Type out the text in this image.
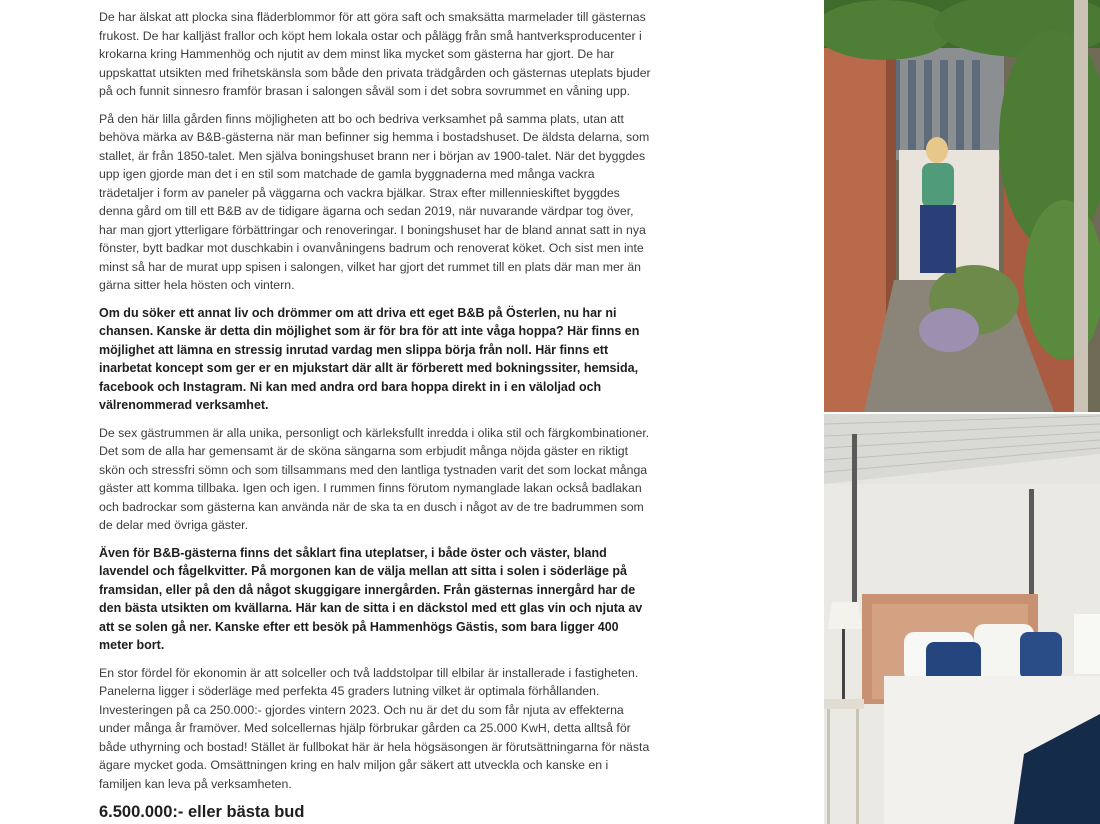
De har älskat att plocka sina fläderblommor för att göra saft och smaksätta marmelader till gästernas frukost. De har kalljäst frallor och köpt hem lokala ostar och pålägg från små hantverksproducenter i krokarna kring Hammenhög och njutit av dem minst lika mycket som gästerna har gjort. De har uppskattat utsikten med frihetskänsla som både den privata trädgården och gästernas uteplats bjuder på och funnit sinnesro framför brasan i salongen såväl som i det sobra sovrummet en våning upp.

På den här lilla gården finns möjligheten att bo och bedriva verksamhet på samma plats, utan att behöva märka av B&B-gästerna när man befinner sig hemma i bostadshuset. De äldsta delarna, som stallet, är från 1850-talet. Men själva boningshuset brann ner i början av 1900-talet. När det byggdes upp igen gjorde man det i en stil som matchade de gamla byggnaderna med många vackra trädetaljer i form av paneler på väggarna och vackra bjälkar. Strax efter millennieskiftet byggdes denna gård om till ett B&B av de tidigare ägarna och sedan 2019, när nuvarande värdpar tog över, har man gjort ytterligare förbättringar och renoveringar. I boningshuset har de bland annat satt in nya fönster, bytt badkar mot duschkabin i ovanvåningens badrum och renoverat köket. Och sist men inte minst så har de murat upp spisen i salongen, vilket har gjort det rummet till en plats där man mer än gärna sitter hela hösten och vintern.

Om du söker ett annat liv och drömmer om att driva ett eget B&B på Österlen, nu har ni chansen. Kanske är detta din möjlighet som är för bra för att inte våga hoppa? Här finns en möjlighet att lämna en stressig inrutad vardag men slippa börja från noll. Här finns ett inarbetat koncept som ger er en mjukstart där allt är förberett med bokningssiter, hemsida, facebook och Instagram. Ni kan med andra ord bara hoppa direkt in i en väloljad och välrenommerad verksamhet.

De sex gästrummen är alla unika, personligt och kärleksfullt inredda i olika stil och färgkombinationer. Det som de alla har gemensamt är de sköna sängarna som erbjudit många nöjda gäster en riktigt skön och stressfri sömn och som tillsammans med den lantliga tystnaden varit det som lockat många gäster att komma tillbaka. Igen och igen. I rummen finns förutom nymanglade lakan också badlakan och badrockar som gästerna kan använda när de ska ta en dusch i något av de tre badrummen som de delar med övriga gäster.

Även för B&B-gästerna finns det såklart fina uteplatser, i både öster och väster, bland lavendel och fågelkvitter. På morgonen kan de välja mellan att sitta i solen i söderläge på framsidan, eller på den då något skuggigare innergården. Från gästernas innergård har de den bästa utsikten om kvällarna. Här kan de sitta i en däckstol med ett glas vin och njuta av att se solen gå ner. Kanske efter ett besök på Hammenhögs Gästis, som bara ligger 400 meter bort.

En stor fördel för ekonomin är att solceller och två laddstolpar till elbilar är installerade i fastigheten. Panelerna ligger i söderläge med perfekta 45 graders lutning vilket är optimala förhållanden. Investeringen på ca 250.000:- gjordes vintern 2023. Och nu är det du som får njuta av effekterna under många år framöver. Med solcellernas hjälp förbrukar gården ca 25.000 KwH, detta alltså för både uthyrning och bostad! Stället är fullbokat här är hela högsäsongen är förutsättningarna för nästa ägare mycket goda. Omsättningen kring en halv miljon går säkert att utveckla och kanske en i familjen kan leva på verksamheten.

6.500.000:- eller bästa bud
